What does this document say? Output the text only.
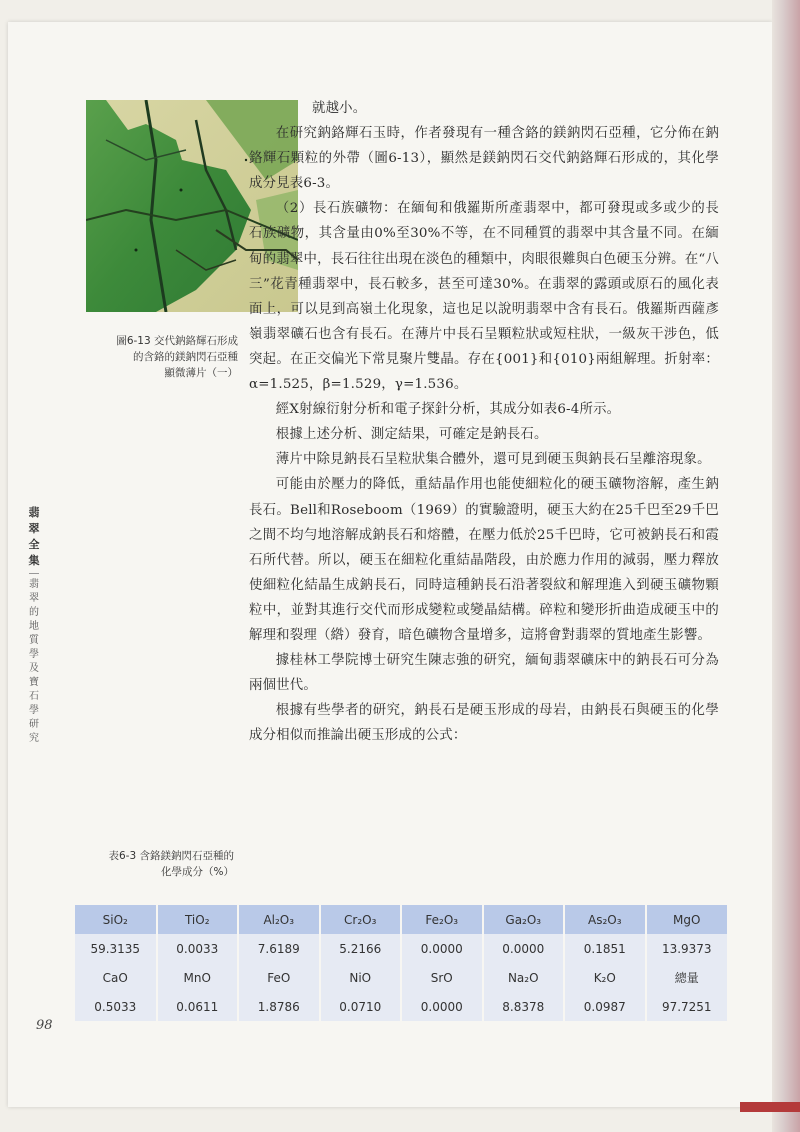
圖6-13 交代鈉鉻輝石形成
的含鉻的鎂鈉閃石亞種
顯微薄片（一）
翡
翠
全
集
翡
翠
的
地
質
學
及
寶
石
學
研
究

就越小。

在研究鈉鉻輝石玉時，作者發現有一種含鉻的鎂鈉閃石亞種，它分佈在鈉鉻輝石顆粒的外帶（圖6-13），顯然是鎂鈉閃石交代鈉鉻輝石形成的，其化學成分見表6-3。

（2）長石族礦物：在緬甸和俄羅斯所產翡翠中，都可發現或多或少的長石族礦物，其含量由0%至30%不等，在不同種質的翡翠中其含量不同。在緬甸的翡翠中，長石往往出現在淡色的種類中，肉眼很難與白色硬玉分辨。在“八三”花青種翡翠中，長石較多，甚至可達30%。在翡翠的露頭或原石的風化表面上，可以見到高嶺土化現象，這也足以說明翡翠中含有長石。俄羅斯西薩彥嶺翡翠礦石也含有長石。在薄片中長石呈顆粒狀或短柱狀，一級灰干涉色，低突起。在正交偏光下常見聚片雙晶。存在{001}和{010}兩組解理。折射率：α=1.525，β=1.529，γ=1.536。

經X射線衍射分析和電子探針分析，其成分如表6-4所示。

根據上述分析、測定結果，可確定是鈉長石。

薄片中除見鈉長石呈粒狀集合體外，還可見到硬玉與鈉長石呈離溶現象。

可能由於壓力的降低，重結晶作用也能使細粒化的硬玉礦物溶解，產生鈉長石。Bell和Roseboom（1969）的實驗證明，硬玉大約在25千巴至29千巴之間不均勻地溶解成鈉長石和熔體，在壓力低於25千巴時，它可被鈉長石和霞石所代替。所以，硬玉在細粒化重結晶階段，由於應力作用的減弱，壓力釋放使細粒化結晶生成鈉長石，同時這種鈉長石沿著裂紋和解理進入到硬玉礦物顆粒中，並對其進行交代而形成變粒或變晶結構。碎粒和變形折曲造成硬玉中的解理和裂理（綹）發育，暗色礦物含量增多，這將會對翡翠的質地產生影響。

據桂林工學院博士研究生陳志強的研究，緬甸翡翠礦床中的鈉長石可分為兩個世代。

根據有些學者的研究，鈉長石是硬玉形成的母岩，由鈉長石與硬玉的化學成分相似而推論出硬玉形成的公式：

表6-3 含鉻鎂鈉閃石亞種的
化學成分（%）
SiO₂	TiO₂	Al₂O₃	Cr₂O₃	Fe₂O₃	Ga₂O₃	As₂O₃	MgO
59.3135	0.0033	7.6189	5.2166	0.0000	0.0000	0.1851	13.9373
CaO	MnO	FeO	NiO	SrO	Na₂O	K₂O	總量
0.5033	0.0611	1.8786	0.0710	0.0000	8.8378	0.0987	97.7251
98
